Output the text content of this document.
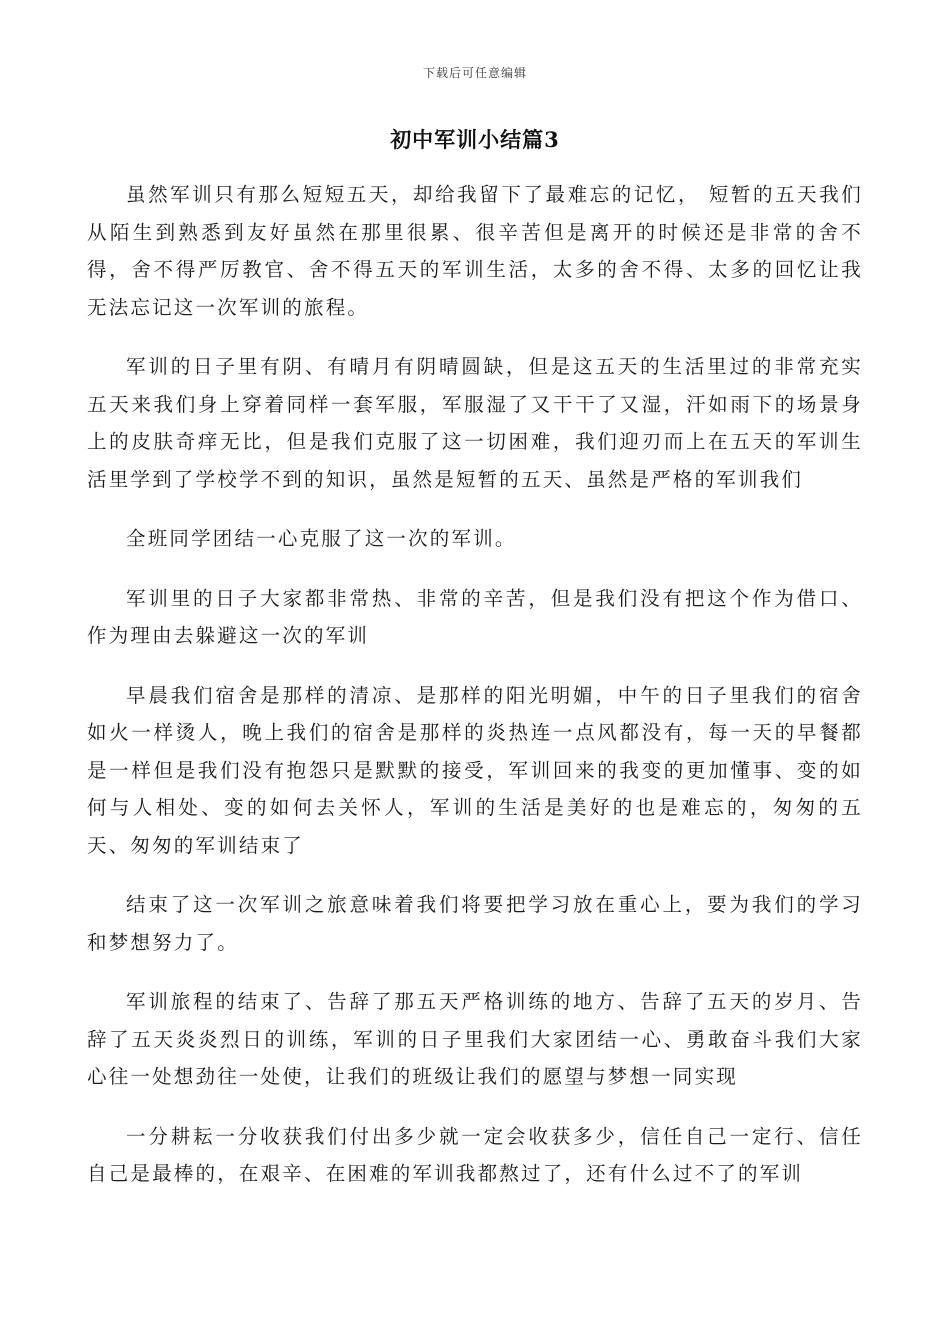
下载后可任意编辑
初中军训小结篇3

虽然军训只有那么短短五天，却给我留下了最难忘的记忆， 短暂的五天我们从陌生到熟悉到友好虽然在那里很累、很辛苦但是离开的时候还是非常的舍不得，舍不得严厉教官、舍不得五天的军训生活，太多的舍不得、太多的回忆让我无法忘记这一次军训的旅程。

军训的日子里有阴、有晴月有阴晴圆缺，但是这五天的生活里过的非常充实五天来我们身上穿着同样一套军服，军服湿了又干干了又湿，汗如雨下的场景身上的皮肤奇痒无比，但是我们克服了这一切困难，我们迎刃而上在五天的军训生活里学到了学校学不到的知识，虽然是短暂的五天、虽然是严格的军训我们

全班同学团结一心克服了这一次的军训。

军训里的日子大家都非常热、非常的辛苦，但是我们没有把这个作为借口、作为理由去躲避这一次的军训

早晨我们宿舍是那样的清凉、是那样的阳光明媚，中午的日子里我们的宿舍如火一样烫人，晚上我们的宿舍是那样的炎热连一点风都没有，每一天的早餐都是一样但是我们没有抱怨只是默默的接受，军训回来的我变的更加懂事、变的如何与人相处、变的如何去关怀人，军训的生活是美好的也是难忘的，匆匆的五天、匆匆的军训结束了

结束了这一次军训之旅意味着我们将要把学习放在重心上，要为我们的学习和梦想努力了。

军训旅程的结束了、告辞了那五天严格训练的地方、告辞了五天的岁月、告辞了五天炎炎烈日的训练，军训的日子里我们大家团结一心、勇敢奋斗我们大家心往一处想劲往一处使，让我们的班级让我们的愿望与梦想一同实现

一分耕耘一分收获我们付出多少就一定会收获多少，信任自己一定行、信任自己是最棒的，在艰辛、在困难的军训我都熬过了，还有什么过不了的军训
